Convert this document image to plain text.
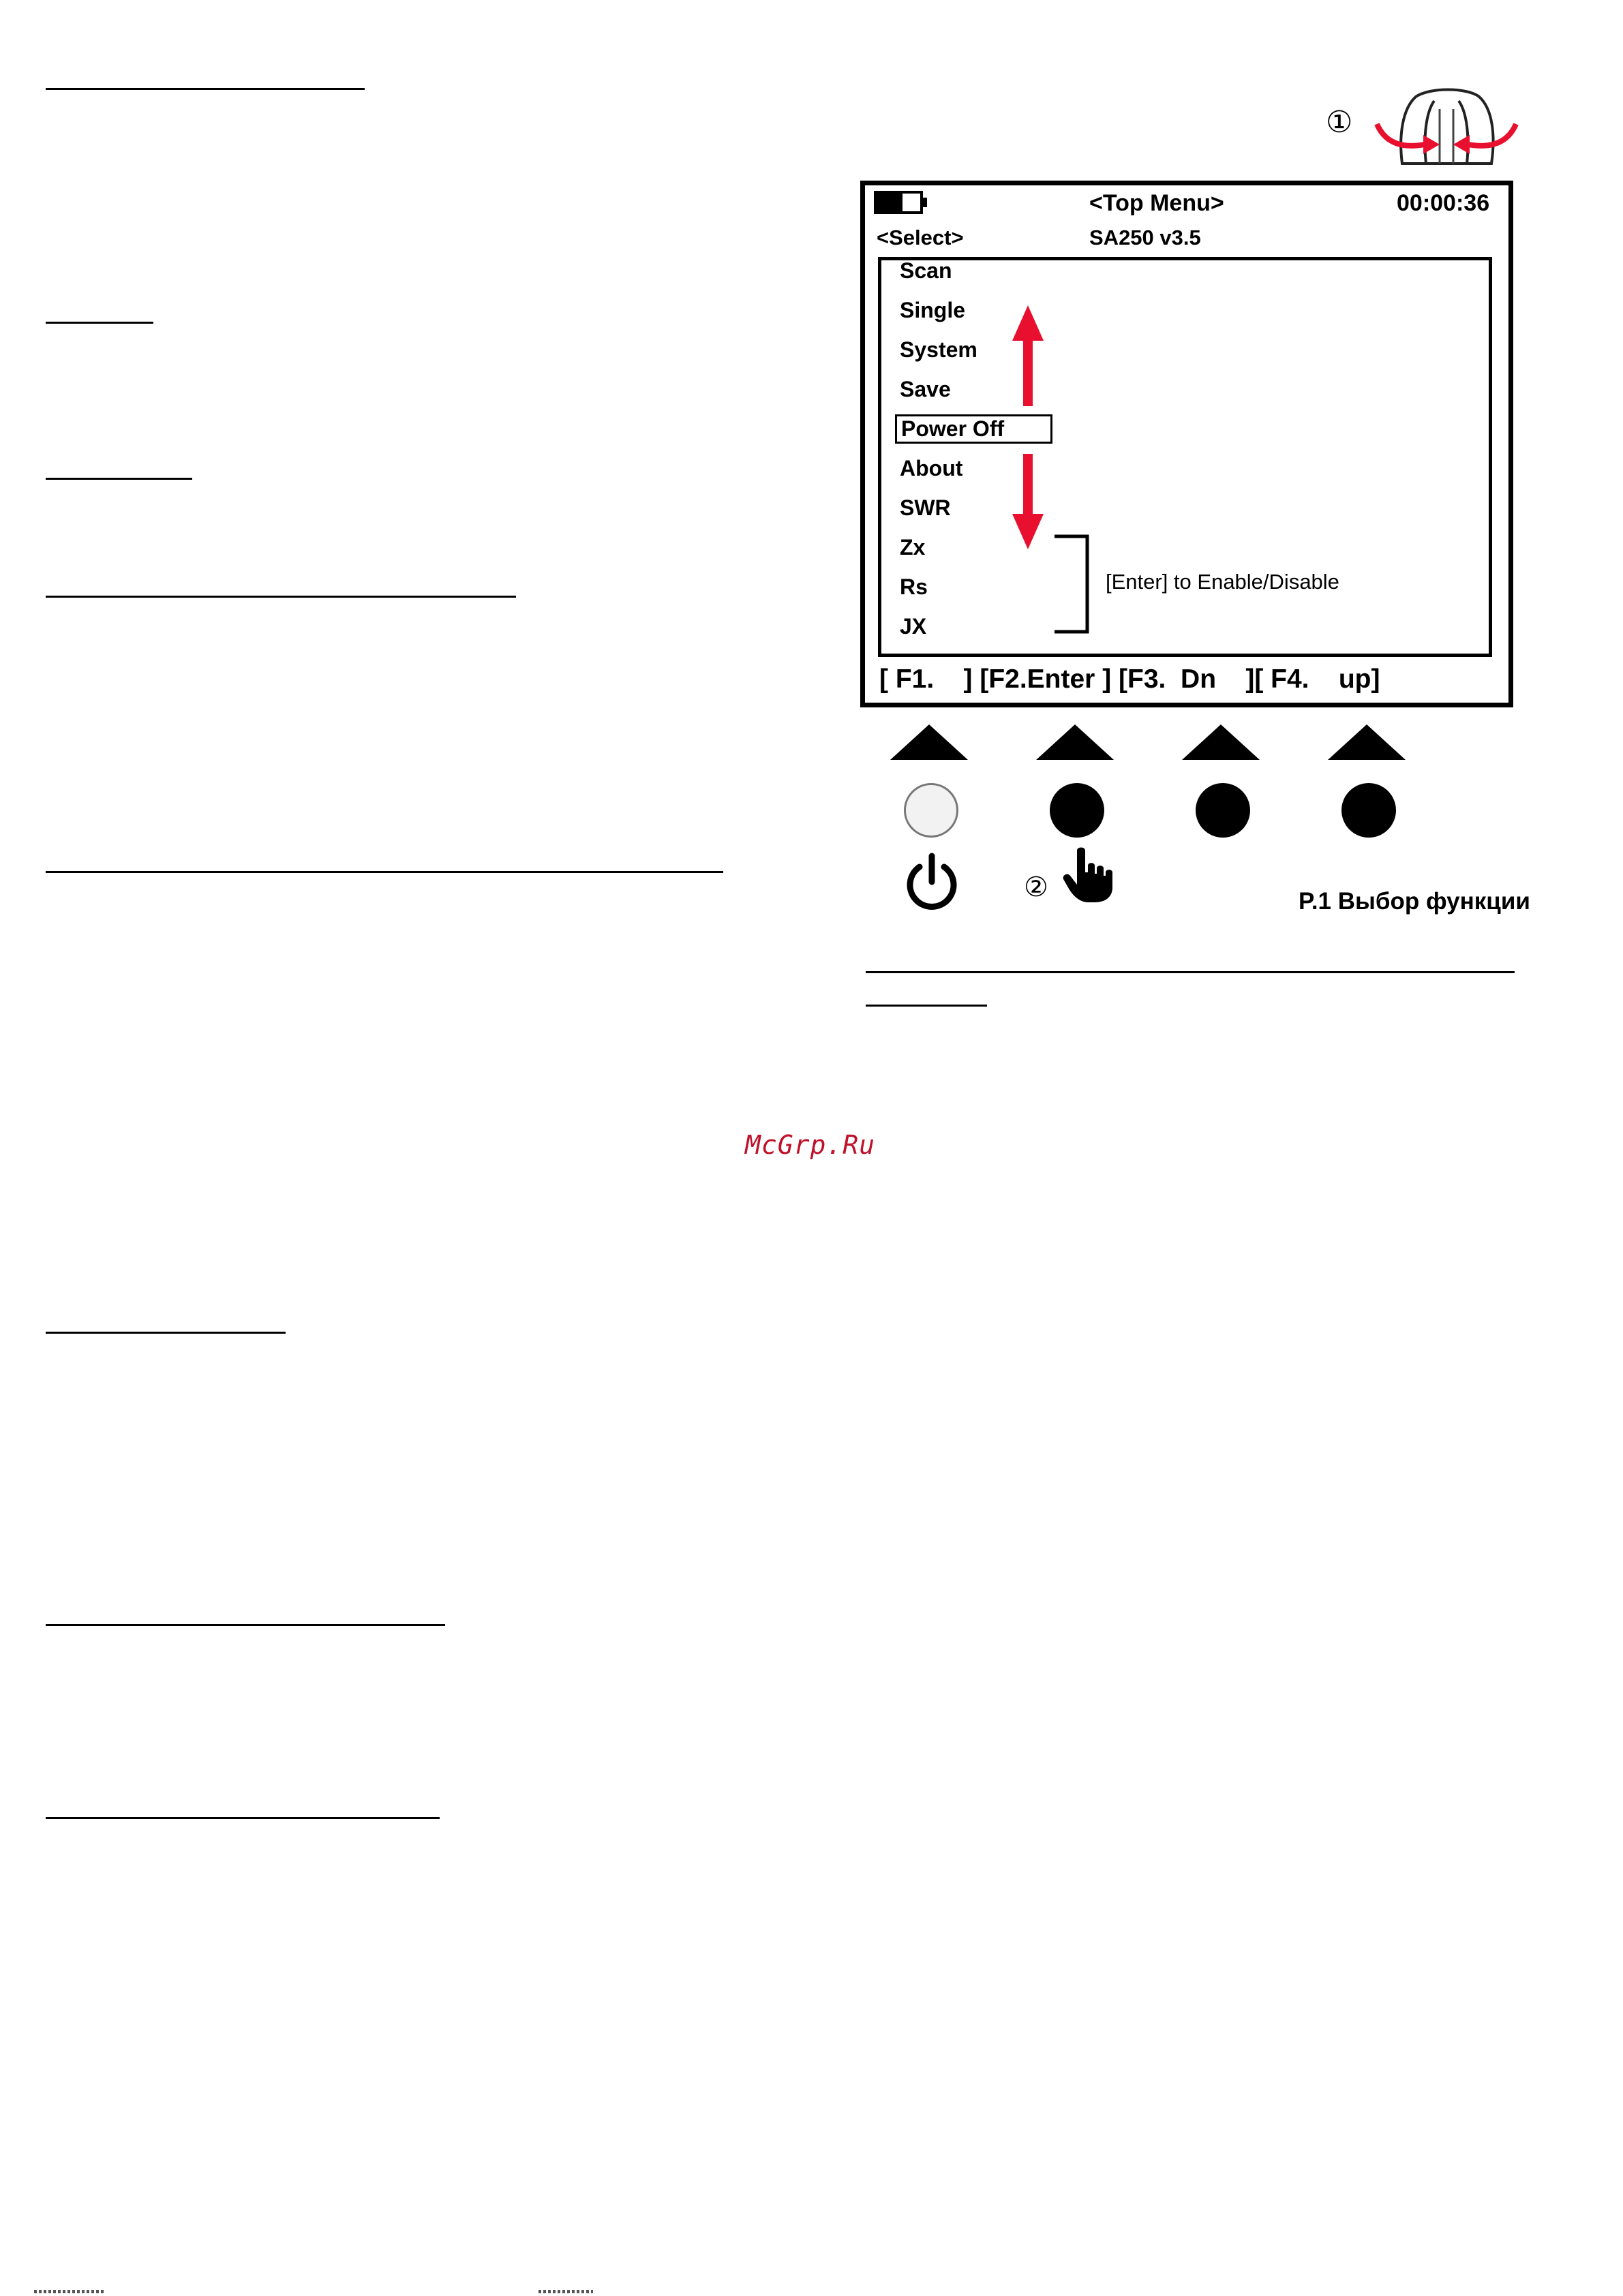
①
<Top Menu>	00:00:36
<Select>	SA250 v3.5
Scan
Single
System
Save
Power Off
About
SWR
Zx
Rs
JX
[Enter] to Enable/Disable
[ F1.    ] [F2.Enter ] [F3.  Dn    ][ F4.    up]
②	P.1 Выбор функции
McGrp.Ru
